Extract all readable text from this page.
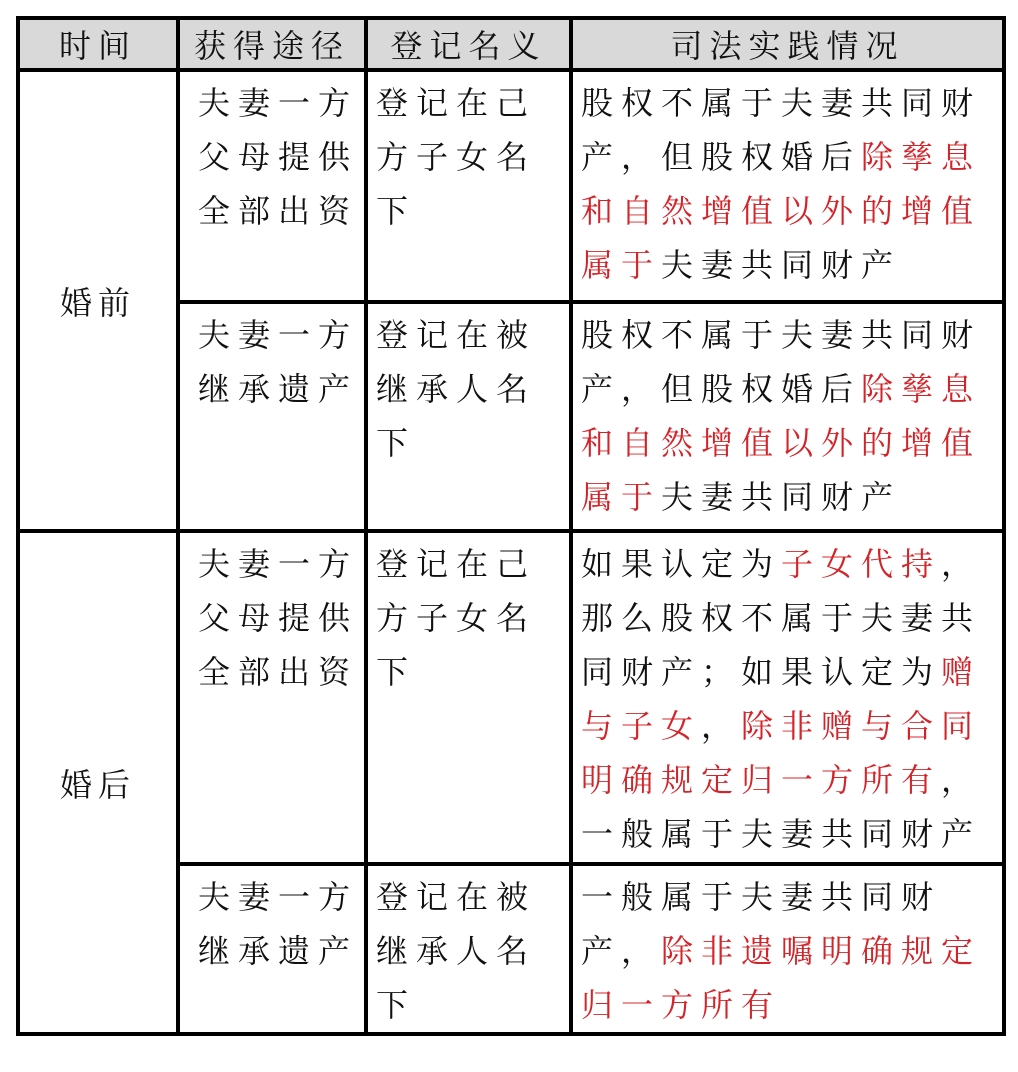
时间	获得途径	登记名义	司法实践情况
婚前	夫妻一方父母提供全部出资	登记在己方子女名下	股权不属于夫妻共同财产，但股权婚后除孳息和自然增值以外的增值属于夫妻共同财产

	夫妻一方继承遗产	登记在被继承人名下	股权不属于夫妻共同财产，但股权婚后除孳息和自然增值以外的增值属于夫妻共同财产

婚后	夫妻一方父母提供全部出资	登记在己方子女名下	如果认定为子女代持，那么股权不属于夫妻共同财产；如果认定为赠与子女，除非赠与合同明确规定归一方所有，一般属于夫妻共同财产

	夫妻一方继承遗产	登记在被继承人名下	一般属于夫妻共同财产，除非遗嘱明确规定归一方所有
